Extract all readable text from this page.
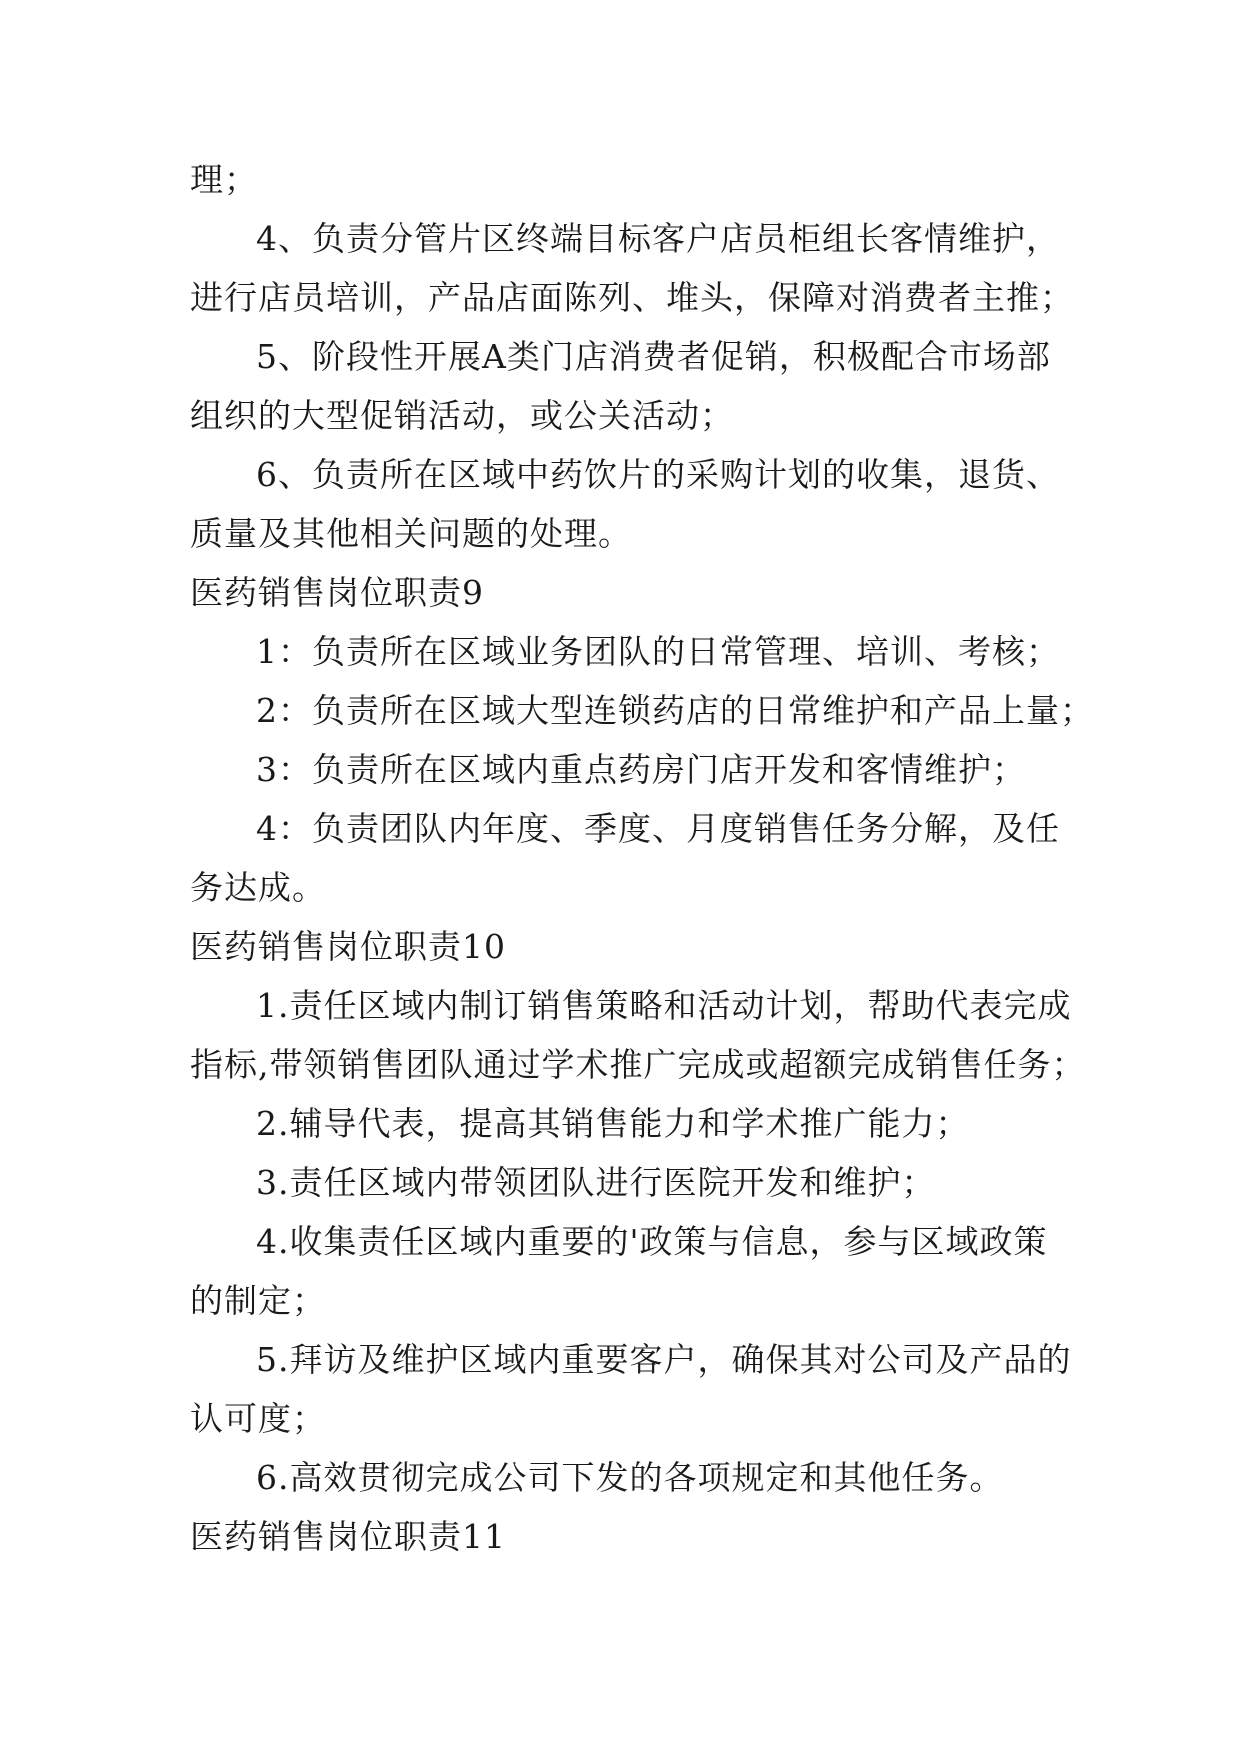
理；
4、负责分管片区终端目标客户店员柜组长客情维护，
进行店员培训，产品店面陈列、堆头，保障对消费者主推；
5、阶段性开展A类门店消费者促销，积极配合市场部
组织的大型促销活动，或公关活动；
6、负责所在区域中药饮片的采购计划的收集，退货、
质量及其他相关问题的处理。
医药销售岗位职责9
1：负责所在区域业务团队的日常管理、培训、考核；
2：负责所在区域大型连锁药店的日常维护和产品上量；
3：负责所在区域内重点药房门店开发和客情维护；
4：负责团队内年度、季度、月度销售任务分解，及任
务达成。
医药销售岗位职责10
1.责任区域内制订销售策略和活动计划，帮助代表完成
指标,带领销售团队通过学术推广完成或超额完成销售任务；
2.辅导代表，提高其销售能力和学术推广能力；
3.责任区域内带领团队进行医院开发和维护；
4.收集责任区域内重要的'政策与信息，参与区域政策
的制定；
5.拜访及维护区域内重要客户，确保其对公司及产品的
认可度；
6.高效贯彻完成公司下发的各项规定和其他任务。
医药销售岗位职责11
